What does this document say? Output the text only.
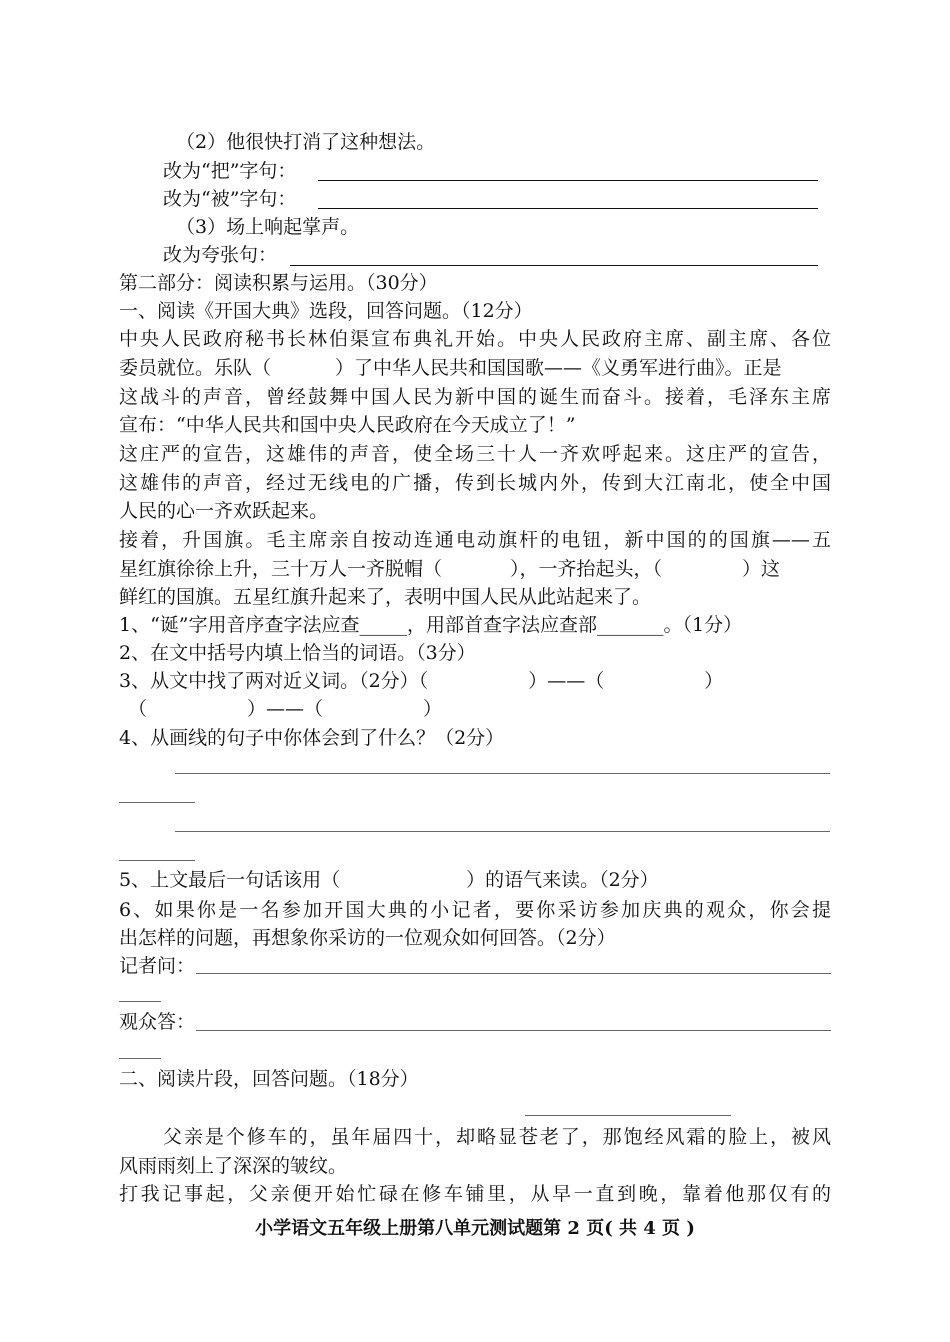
（2）他很快打消了这种想法。
改为“把”字句：
改为“被”字句：
（3）场上响起掌声。
改为夸张句：
第二部分：阅读积累与运用。（30分）
一、阅读《开国大典》选段，回答问题。（12分）
中央人民政府秘书长林伯渠宣布典礼开始。中央人民政府主席、副主席、各位
委员就位。乐队（	）了中华人民共和国国歌——《义勇军进行曲》。正是
这战斗的声音，曾经鼓舞中国人民为新中国的诞生而奋斗。接着，毛泽东主席
宣布：“中华人民共和国中央人民政府在今天成立了！”
这庄严的宣告，这雄伟的声音，使全场三十人一齐欢呼起来。这庄严的宣告，
这雄伟的声音，经过无线电的广播，传到长城内外，传到大江南北，使全中国
人民的心一齐欢跃起来。
接着，升国旗。毛主席亲自按动连通电动旗杆的电钮，新中国的的国旗——五
星红旗徐徐上升，三十万人一齐脱帽（	），一齐抬起头，（	）这
鲜红的国旗。五星红旗升起来了，表明中国人民从此站起来了。
1、“诞”字用音序查字法应查_____，用部首查字法应查部_______。（1分）
2、在文中括号内填上恰当的词语。（3分）
3、从文中找了两对近义词。（2分）（	）——（	）
（	）——（	）
4、从画线的句子中你体会到了什么？（2分）
5、上文最后一句话该用（	）的语气来读。（2分）
6、如果你是一名参加开国大典的小记者，要你采访参加庆典的观众，你会提
出怎样的问题，再想象你采访的一位观众如何回答。（2分）
记者问：
观众答：
二、阅读片段，回答问题。（18分）
父亲是个修车的，虽年届四十，却略显苍老了，那饱经风霜的脸上，被风
风雨雨刻上了深深的皱纹。
打我记事起，父亲便开始忙碌在修车铺里，从早一直到晚，靠着他那仅有的
小学语文五年级上册第八单元测试题第 2 页( 共 4 页 )
